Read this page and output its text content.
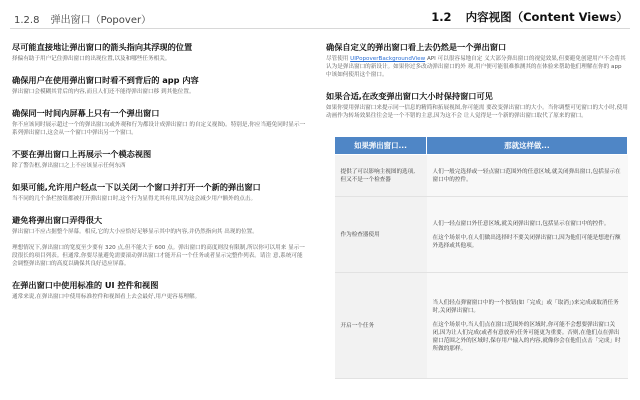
1.2.8 弹出窗口（Popover）	1.2 内容视图（Content Views）
尽可能直接地让弹出窗口的箭头指向其浮现的位置
择偏有助于用户记住弹出窗口的出现位置,以及和哪些任务相关。
确保用户在使用弹出窗口时看不到背后的 app 内容
弹出窗口会模糊其背后的内容,而且人们还不能得弹出窗口移 到其他位置。
确保同一时间内屏幕上只有一个弹出窗口
你不应该同时展示超过一个的弹出窗口(或外观和行为都设计成弹出窗口 的自定义视图)。特别是,你应当避免同时显示一系列弹出窗口,这会从一个窗口中弹出另一个窗口。
不要在弹出窗口上再展示一个模态视图
除了警告框,弹出窗口之上不应该显示任何东西
如果可能,允许用户轻点一下以关闭一个窗口并打开一个新的弹出窗口
当不同的几个条栏按钮都被打开弹出窗口时,这个行为显得尤其有用,因为这会减少用户额外的点击。
避免将弹出窗口弄得很大
弹出窗口不应占据整个屏幕。相反,它的大小应恰好足够显示其中的内容,并仍然指向其 出现的位置。
理想情况下,弹出窗口的宽度至少要有 320 点,但不能大于 600 点。弹出窗口的高度则没有限制,所以你可以用来 显示一段很长的项目列表。但通常,你要尽量避免需要滚动弹出窗口才能开启一个任务或者显示完整作列表。请注 意,系统可能会调整弹出窗口的高度以确保其良好适应屏幕。
在弹出窗口中使用标准的 UI 控件和视图
通常来说,在弹出窗口中使用标准控件和视图看上去会最好,用户更容易理解。
确保自定义的弹出窗口看上去仍然是一个弹出窗口
尽管使用 UIPopoverBackgroundView API 可以很容易地自定 义大部分弹出窗口的视觉效果,但要避免创建用户不会将其认为是弹出窗口的新设计。如果你过多改动弹出窗口的外 观,用户便可能很难推测其的在体验来帮助他们理解在你的 app 中该如何使用这个窗口。
如果合适,在改变弹出窗口大小时保持窗口可见
如果你要用弹出窗口来提示同一信息的精简和拓展视图,你可能需 要改变弹出窗口的大小。当你调整可见窗口的大小时,使用动画作为转场效果往往会是一个不错的主意,因为这不会 让人觉得是一个新的弹出窗口取代了原来的窗口。
如果弹出窗口...	那就这样做...
提供了可以影响主视图的选项,但又不是一个检查器	人们一般完选择或一轻点窗口范围外的任意区域,就关闭弹出窗口,包括显示在窗口中的控件。

作为检查器使用	人们一轻点窗口外任意区域,就关闭弹出窗口,包括显示在窗口中的控件。
在这个场景中,在人们做出选择时不要关闭弹出窗口,因为他们可能是想进行额外选择或其他项。

开启一个任务	当人们轻点弹窗窗口中的一个按钮(如「完成」或「取消」)来完成或取消任务时,关闭弹出窗口。
在这个场景中,当人们点在窗口范围外的区域时,你可能不会想要弹出窗口关闭,因为让人们完成(或者有意放弃)任务可能更为重要。否则,在他们点在弹出窗口范围之外的区域时,保存用户输入的内容,就像你会在他们点击「完成」时所做的那样。
